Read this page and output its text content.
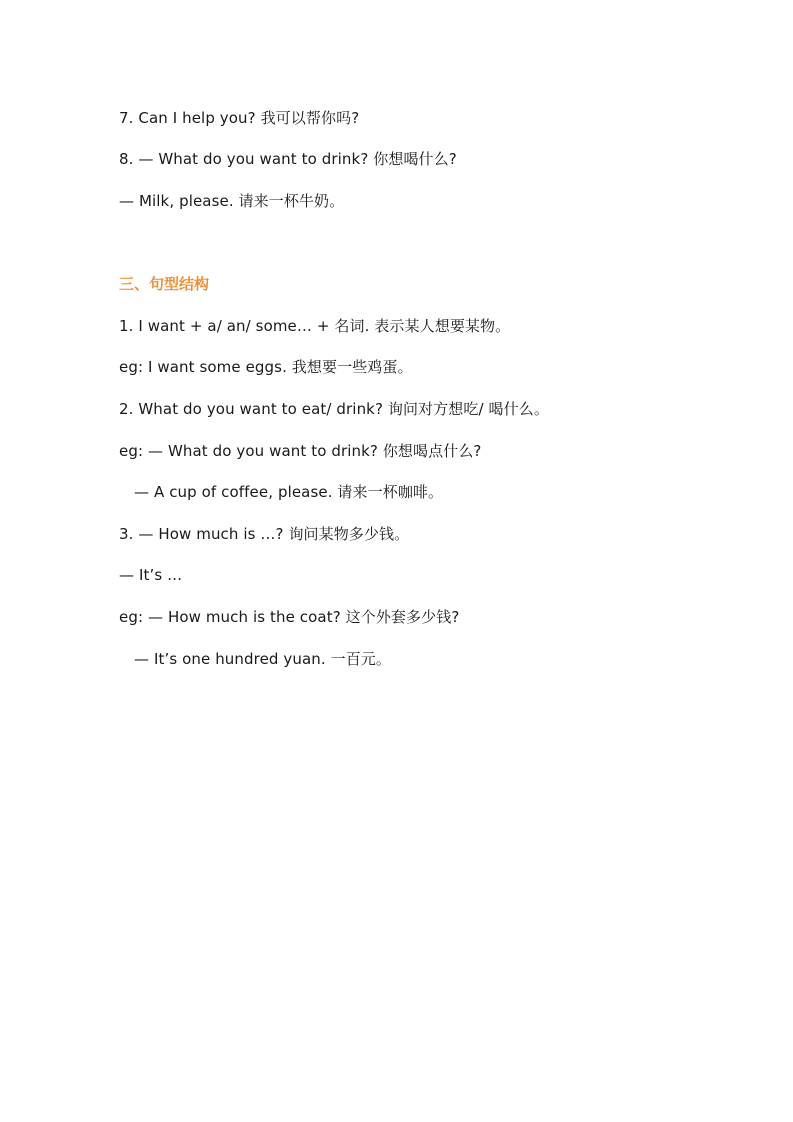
7. Can I help you? 我可以帮你吗?
8. — What do you want to drink? 你想喝什么?
— Milk, please. 请来一杯牛奶。
三、句型结构
1. I want + a/ an/ some… + 名词. 表示某人想要某物。
eg: I want some eggs. 我想要一些鸡蛋。
2. What do you want to eat/ drink? 询问对方想吃/ 喝什么。
eg: — What do you want to drink? 你想喝点什么?
— A cup of coffee, please. 请来一杯咖啡。
3. — How much is …? 询问某物多少钱。
— It’s …
eg: — How much is the coat? 这个外套多少钱?
— It’s one hundred yuan. 一百元。
